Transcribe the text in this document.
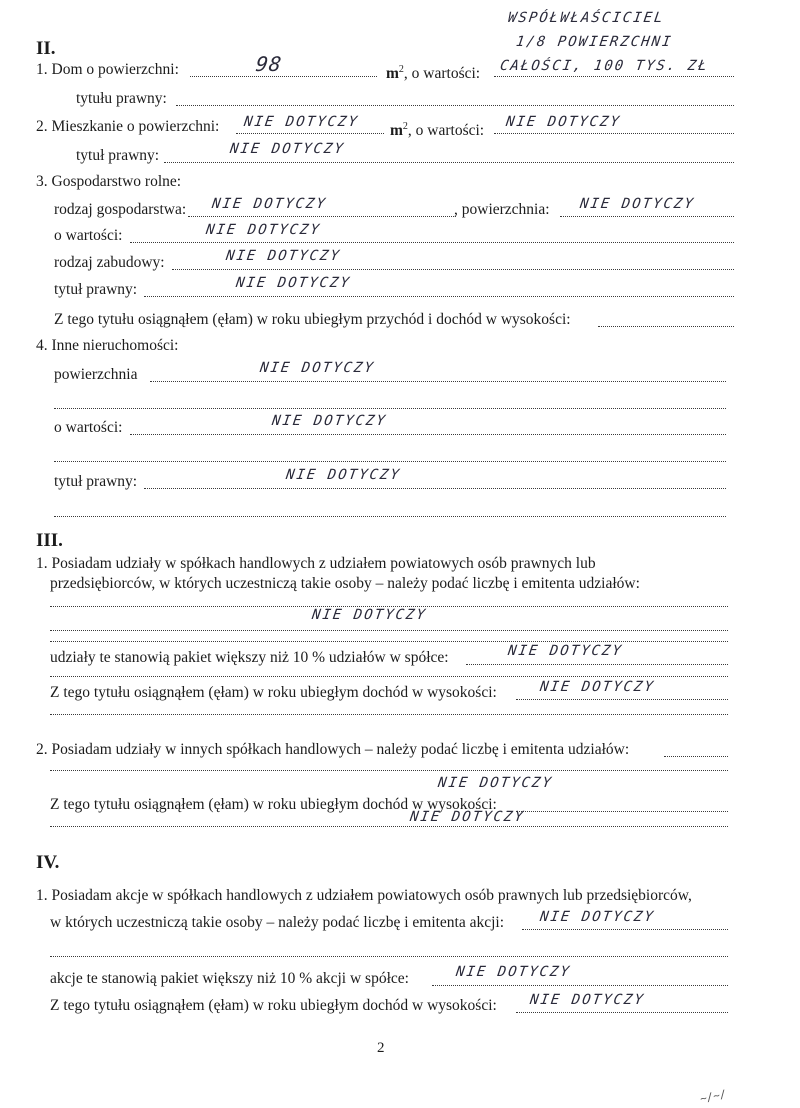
WSPÓŁWŁAŚCICIEL
1/8 POWIERZCHNI
II.
1. Dom o powierzchni:	98	$m^2$, o wartości: CAŁOŚCI, 100 TYS. ZŁ
tytułu prawny:
2. Mieszkanie o powierzchni: NIE DOTYCZY
$m^2$, o wartości:
NIE DOTYCZY
tytuł prawny:	NIE DOTYCZY
3. Gospodarstwo rolne:
rodzaj gospodarstwa: NIE DOTYCZY	, powierzchnia: NIE DOTYCZY
o wartości:	NIE DOTYCZY
rodzaj zabudowy:	NIE DOTYCZY
tytuł prawny:	NIE DOTYCZY
Z tego tytułu osiągnąłem (ęłam) w roku ubiegłym przychód i dochód w wysokości:
4. Inne nieruchomości:
powierzchnia	NIE DOTYCZY
o wartości:	NIE DOTYCZY
tytuł prawny:	NIE DOTYCZY
III.
1. Posiadam udziały w spółkach handlowych z udziałem powiatowych osób prawnych lub
przedsiębiorców, w których uczestniczą takie osoby – należy podać liczbę i emitenta udziałów:
NIE DOTYCZY
udziały te stanowią pakiet większy niż 10 % udziałów w spółce:	NIE DOTYCZY
Z tego tytułu osiągnąłem (ęłam) w roku ubiegłym dochód w wysokości:	NIE DOTYCZY
2. Posiadam udziały w innych spółkach handlowych – należy podać liczbę i emitenta udziałów:
NIE DOTYCZY
Z tego tytułu osiągnąłem (ęłam) w roku ubiegłym dochód w wysokości:
NIE DOTYCZY
IV.
1. Posiadam akcje w spółkach handlowych z udziałem powiatowych osób prawnych lub przedsiębiorców,
w których uczestniczą takie osoby – należy podać liczbę i emitenta akcji: NIE DOTYCZY
akcje te stanowią pakiet większy niż 10 % akcji w spółce:	NIE DOTYCZY
Z tego tytułu osiągnąłem (ęłam) w roku ubiegłym dochód w wysokości: NIE DOTYCZY
2
~/~/
